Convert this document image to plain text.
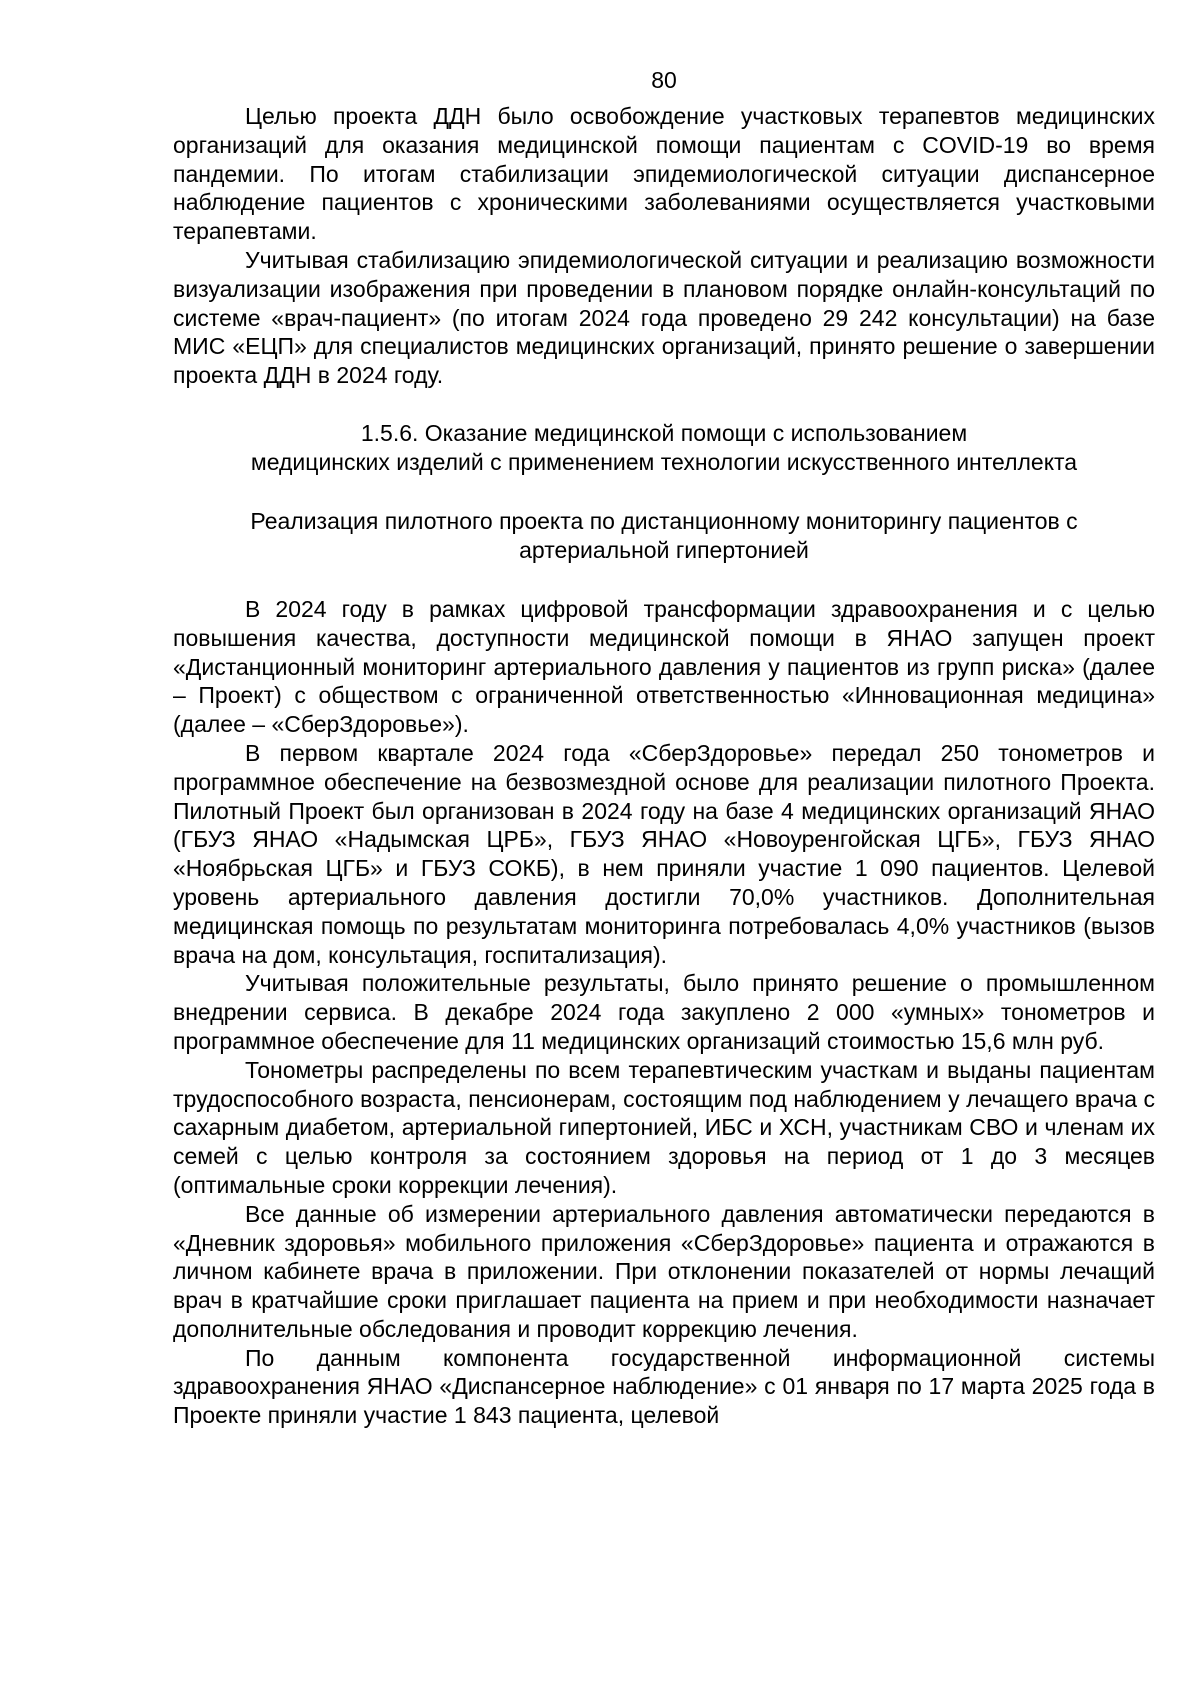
80

Целью проекта ДДН было освобождение участковых терапевтов медицинских организаций для оказания медицинской помощи пациентам с COVID-19 во время пандемии. По итогам стабилизации эпидемиологической ситуации диспансерное наблюдение пациентов с хроническими заболеваниями осуществляется участковыми терапевтами.

Учитывая стабилизацию эпидемиологической ситуации и реализацию возможности визуализации изображения при проведении в плановом порядке онлайн-консультаций по системе «врач-пациент» (по итогам 2024 года проведено 29 242 консультации) на базе МИС «ЕЦП» для специалистов медицинских организаций, принято решение о завершении проекта ДДН в 2024 году.

1.5.6. Оказание медицинской помощи с использованием
медицинских изделий с применением технологии искусственного интеллекта
Реализация пилотного проекта по дистанционному мониторингу пациентов с
артериальной гипертонией

В 2024 году в рамках цифровой трансформации здравоохранения и с целью повышения качества, доступности медицинской помощи в ЯНАО запущен проект «Дистанционный мониторинг артериального давления у пациентов из групп риска» (далее – Проект) с обществом с ограниченной ответственностью «Инновационная медицина» (далее – «СберЗдоровье»).

В первом квартале 2024 года «СберЗдоровье» передал 250 тонометров и программное обеспечение на безвозмездной основе для реализации пилотного Проекта. Пилотный Проект был организован в 2024 году на базе 4 медицинских организаций ЯНАО (ГБУЗ ЯНАО «Надымская ЦРБ», ГБУЗ ЯНАО «Новоуренгойская ЦГБ», ГБУЗ ЯНАО «Ноябрьская ЦГБ» и ГБУЗ СОКБ), в нем приняли участие 1 090 пациентов. Целевой уровень артериального давления достигли 70,0% участников. Дополнительная медицинская помощь по результатам мониторинга потребовалась 4,0% участников (вызов врача на дом, консультация, госпитализация).

Учитывая положительные результаты, было принято решение о промышленном внедрении сервиса. В декабре 2024 года закуплено 2 000 «умных» тонометров и программное обеспечение для 11 медицинских организаций стоимостью 15,6 млн руб.

Тонометры распределены по всем терапевтическим участкам и выданы пациентам трудоспособного возраста, пенсионерам, состоящим под наблюдением у лечащего врача с сахарным диабетом, артериальной гипертонией, ИБС и ХСН, участникам СВО и членам их семей с целью контроля за состоянием здоровья на период от 1 до 3 месяцев (оптимальные сроки коррекции лечения).

Все данные об измерении артериального давления автоматически передаются в «Дневник здоровья» мобильного приложения «СберЗдоровье» пациента и отражаются в личном кабинете врача в приложении. При отклонении показателей от нормы лечащий врач в кратчайшие сроки приглашает пациента на прием и при необходимости назначает дополнительные обследования и проводит коррекцию лечения.

По данным компонента государственной информационной системы здравоохранения ЯНАО «Диспансерное наблюдение» с 01 января по 17 марта 2025 года в Проекте приняли участие 1 843 пациента, целевой
